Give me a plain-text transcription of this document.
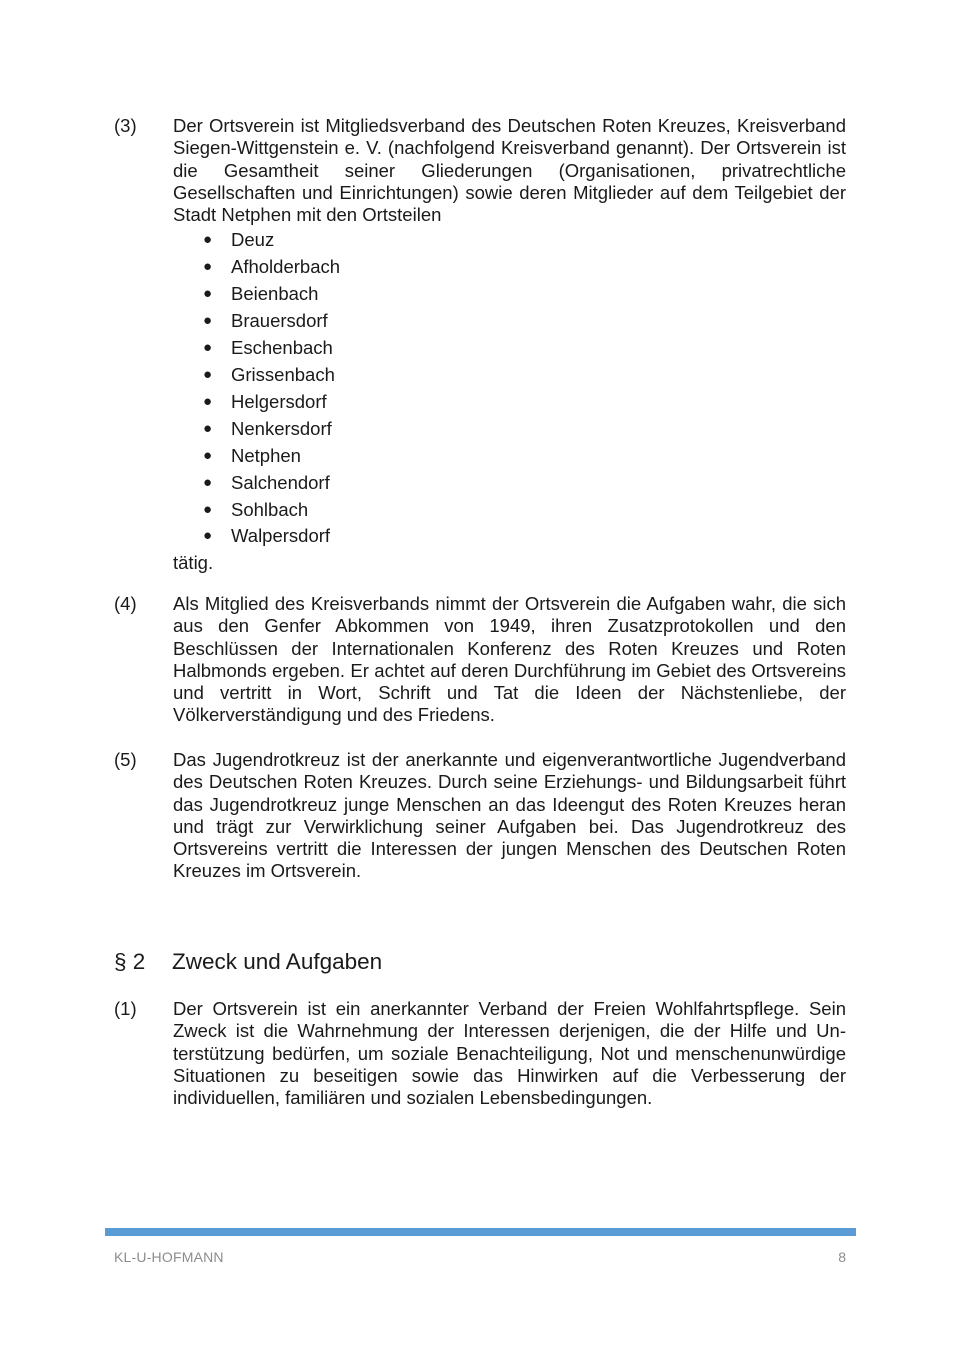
(3) Der Ortsverein ist Mitgliedsverband des Deutschen Roten Kreuzes, Kreisverband Siegen-Wittgenstein e. V. (nachfolgend Kreisverband genannt). Der Ortsverein ist die Gesamtheit seiner Gliederungen (Organisationen, privatrechtliche Gesellschaften und Einrichtungen) sowie deren Mitglieder auf dem Teilgebiet der Stadt Netphen mit den Ortsteilen

● Deuz
● Afholderbach
● Beienbach
● Brauersdorf
● Eschenbach
● Grissenbach
● Helgersdorf
● Nenkersdorf
● Netphen
● Salchendorf
● Sohlbach
● Walpersdorf
tätig.
(4) Als Mitglied des Kreisverbands nimmt der Ortsverein die Aufgaben wahr, die sich aus den Genfer Abkommen von 1949, ihren Zusatzprotokollen und den Beschlüssen der Internationalen Konferenz des Roten Kreuzes und Roten Halbmonds ergeben. Er achtet auf deren Durchführung im Gebiet des Ortsvereins und vertritt in Wort, Schrift und Tat die Ideen der Nächstenliebe, der Völkerverständigung und des Friedens.

(5) Das Jugendrotkreuz ist der anerkannte und eigenverantwortliche Jugendverband des Deutschen Roten Kreuzes. Durch seine Erziehungs- und Bildungsarbeit führt das Jugendrotkreuz junge Menschen an das Ideengut des Roten Kreuzes heran und trägt zur Verwirklichung seiner Aufgaben bei. Das Jugendrotkreuz des Ortsvereins vertritt die Interessen der jungen Menschen des Deutschen Roten Kreuzes im Ortsverein.

§ 2 Zweck und Aufgaben
(1) Der Ortsverein ist ein anerkannter Verband der Freien Wohlfahrtspflege. Sein Zweck ist die Wahrnehmung der Interessen derjenigen, die der Hilfe und Unterstützung bedürfen, um soziale Benachteiligung, Not und menschenunwürdige Situationen zu beseitigen sowie das Hinwirken auf die Verbesserung der individuellen, familiären und sozialen Lebensbedingungen.

KL-U-HOFMANN	8
